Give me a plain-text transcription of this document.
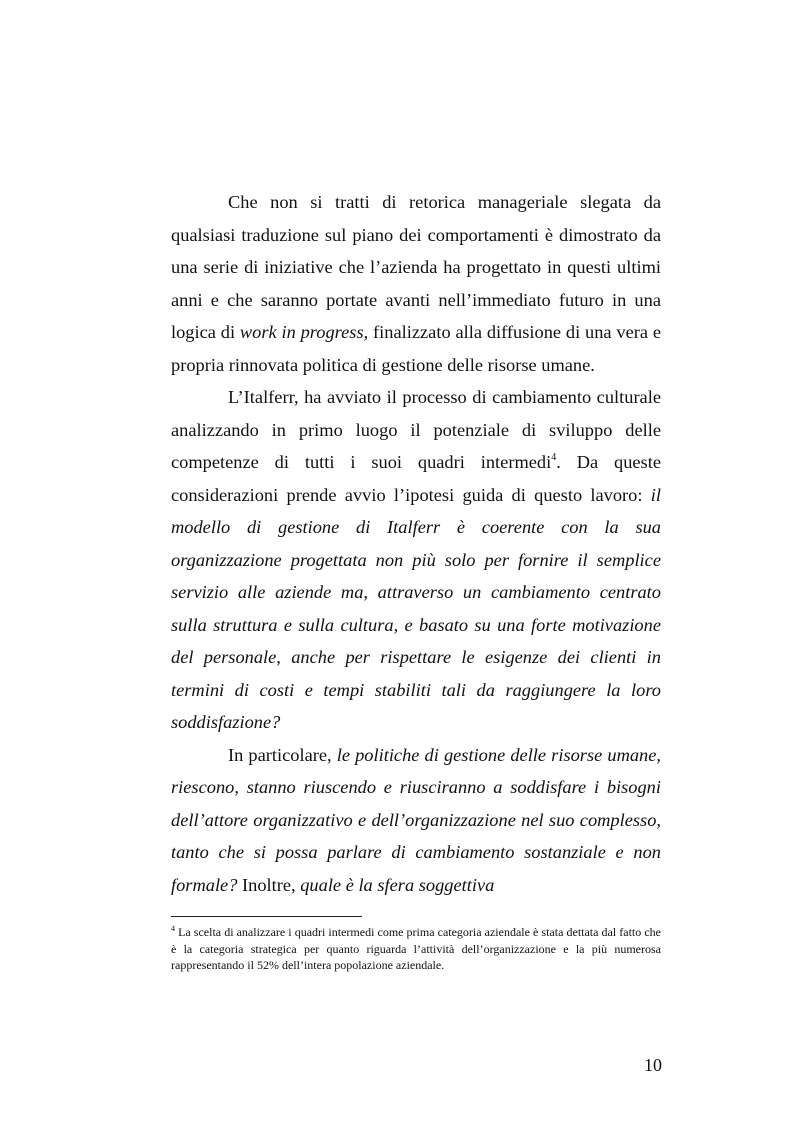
Che non si tratti di retorica manageriale slegata da qualsiasi traduzione sul piano dei comportamenti è dimostrato da una serie di iniziative che l’azienda ha progettato in questi ultimi anni e che saranno portate avanti nell’immediato futuro in una logica di work in progress, finalizzato alla diffusione di una vera e propria rinnovata politica di gestione delle risorse umane.

L’Italferr, ha avviato il processo di cambiamento culturale analizzando in primo luogo il potenziale di sviluppo delle competenze di tutti i suoi quadri intermedi$^4$. Da queste considerazioni prende avvio l’ipotesi guida di questo lavoro: il modello di gestione di Italferr è coerente con la sua organizzazione progettata non più solo per fornire il semplice servizio alle aziende ma, attraverso un cambiamento centrato sulla struttura e sulla cultura, e basato su una forte motivazione del personale, anche per rispettare le esigenze dei clienti in termini di costi e tempi stabiliti tali da raggiungere la loro soddisfazione?

In particolare, le politiche di gestione delle risorse umane, riescono, stanno riuscendo e riusciranno a soddisfare i bisogni dell’attore organizzativo e dell’organizzazione nel suo complesso, tanto che si possa parlare di cambiamento sostanziale e non formale? Inoltre, quale è la sfera soggettiva

$^4$ La scelta di analizzare i quadri intermedi come prima categoria aziendale è stata dettata dal fatto che è la categoria strategica per quanto riguarda l’attività dell’organizzazione e la più numerosa rappresentando il 52% dell’intera popolazione aziendale.

10
